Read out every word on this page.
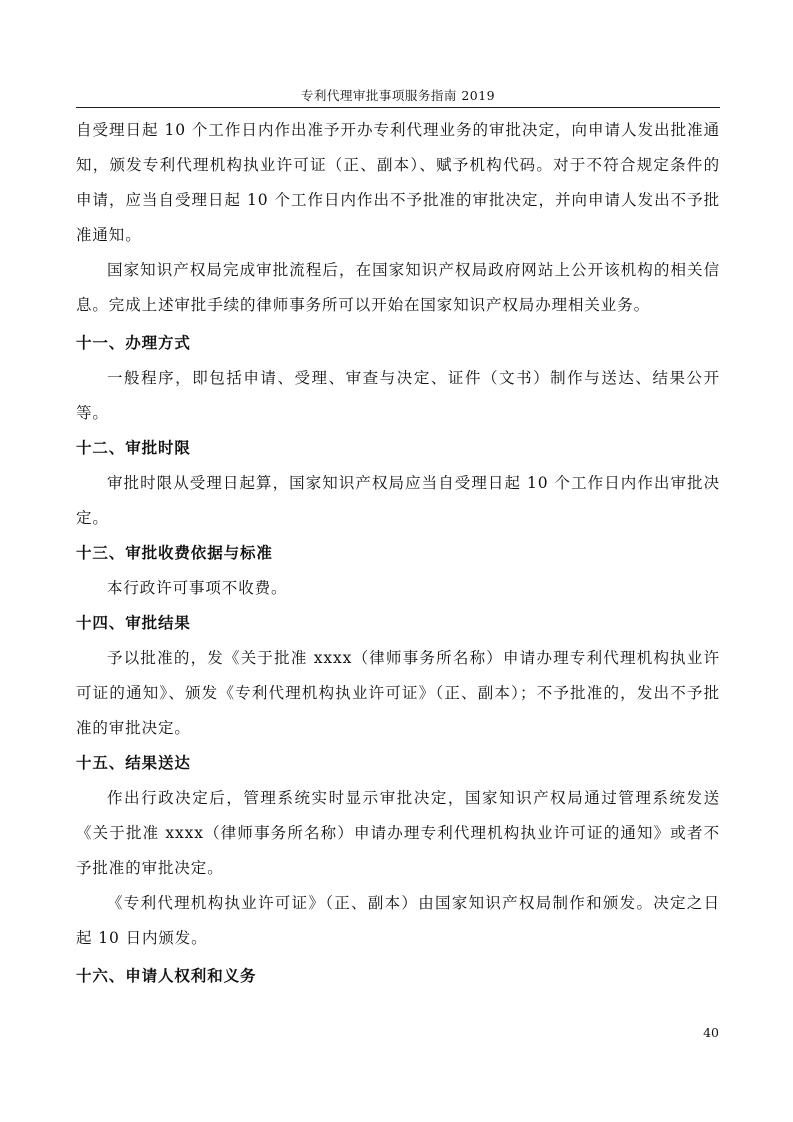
专利代理审批事项服务指南 2019

自受理日起 10 个工作日内作出准予开办专利代理业务的审批决定，向申请人发出批准通知，颁发专利代理机构执业许可证（正、副本）、赋予机构代码。对于不符合规定条件的申请，应当自受理日起 10 个工作日内作出不予批准的审批决定，并向申请人发出不予批准通知。

国家知识产权局完成审批流程后，在国家知识产权局政府网站上公开该机构的相关信息。完成上述审批手续的律师事务所可以开始在国家知识产权局办理相关业务。

十一、办理方式

一般程序，即包括申请、受理、审查与决定、证件（文书）制作与送达、结果公开等。

十二、审批时限

审批时限从受理日起算，国家知识产权局应当自受理日起 10 个工作日内作出审批决定。

十三、审批收费依据与标准

本行政许可事项不收费。

十四、审批结果

予以批准的，发《关于批准 xxxx（律师事务所名称）申请办理专利代理机构执业许可证的通知》、颁发《专利代理机构执业许可证》（正、副本）；不予批准的，发出不予批准的审批决定。

十五、结果送达

作出行政决定后，管理系统实时显示审批决定，国家知识产权局通过管理系统发送《关于批准 xxxx（律师事务所名称）申请办理专利代理机构执业许可证的通知》或者不予批准的审批决定。

《专利代理机构执业许可证》（正、副本）由国家知识产权局制作和颁发。决定之日起 10 日内颁发。

十六、申请人权利和义务
40
